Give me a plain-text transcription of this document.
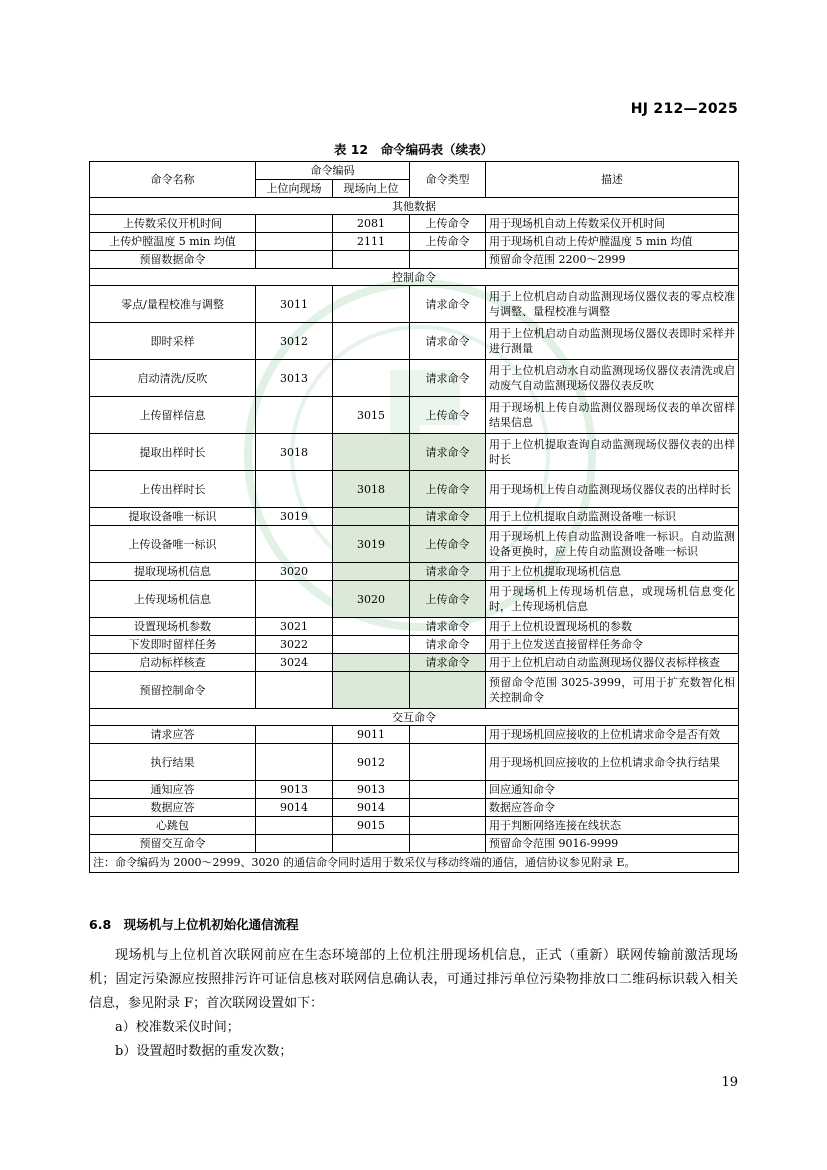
HJ 212—2025
表 12　命令编码表（续表）
命令名称	命令编码		命令类型	描述
	上位向现场	现场向上位		
其他数据				
上传数采仪开机时间		2081	上传命令	用于现场机自动上传数采仪开机时间
上传炉膛温度 5 min 均值		2111	上传命令	用于现场机自动上传炉膛温度 5 min 均值
预留数据命令				预留命令范围 2200～2999
控制命令				
零点/量程校准与调整	3011		请求命令	用于上位机启动自动监测现场仪器仪表的零点校准与调整、量程校准与调整
即时采样	3012		请求命令	用于上位机启动自动监测现场仪器仪表即时采样并进行测量
启动清洗/反吹	3013		请求命令	用于上位机启动水自动监测现场仪器仪表清洗或启动废气自动监测现场仪器仪表反吹
上传留样信息		3015	上传命令	用于现场机上传自动监测仪器现场仪表的单次留样结果信息
提取出样时长	3018		请求命令	用于上位机提取查询自动监测现场仪器仪表的出样时长
上传出样时长		3018	上传命令	用于现场机上传自动监测现场仪器仪表的出样时长
提取设备唯一标识	3019		请求命令	用于上位机提取自动监测设备唯一标识
上传设备唯一标识		3019	上传命令	用于现场机上传自动监测设备唯一标识。自动监测设备更换时，应上传自动监测设备唯一标识
提取现场机信息	3020		请求命令	用于上位机提取现场机信息
上传现场机信息		3020	上传命令	用于现场机上传现场机信息，或现场机信息变化时，上传现场机信息
设置现场机参数	3021		请求命令	用于上位机设置现场机的参数
下发即时留样任务	3022		请求命令	用于上位发送直接留样任务命令
启动标样核查	3024		请求命令	用于上位机启动自动监测现场仪器仪表标样核查
预留控制命令				预留命令范围 3025-3999，可用于扩充数智化相关控制命令
交互命令				
请求应答		9011		用于现场机回应接收的上位机请求命令是否有效
执行结果		9012		用于现场机回应接收的上位机请求命令执行结果
通知应答	9013	9013		回应通知命令
数据应答	9014	9014		数据应答命令
心跳包		9015		用于判断网络连接在线状态
预留交互命令				预留命令范围 9016-9999
注：命令编码为 2000～2999、3020 的通信命令同时适用于数采仪与移动终端的通信，通信协议参见附录 E。				
6.8　现场机与上位机初始化通信流程
现场机与上位机首次联网前应在生态环境部的上位机注册现场机信息，正式（重新）联网传输前激活现场机；固定污染源应按照排污许可证信息核对联网信息确认表，可通过排污单位污染物排放口二维码标识载入相关信息，参见附录 F；首次联网设置如下：
a）校准数采仪时间；
b）设置超时数据的重发次数；
19
